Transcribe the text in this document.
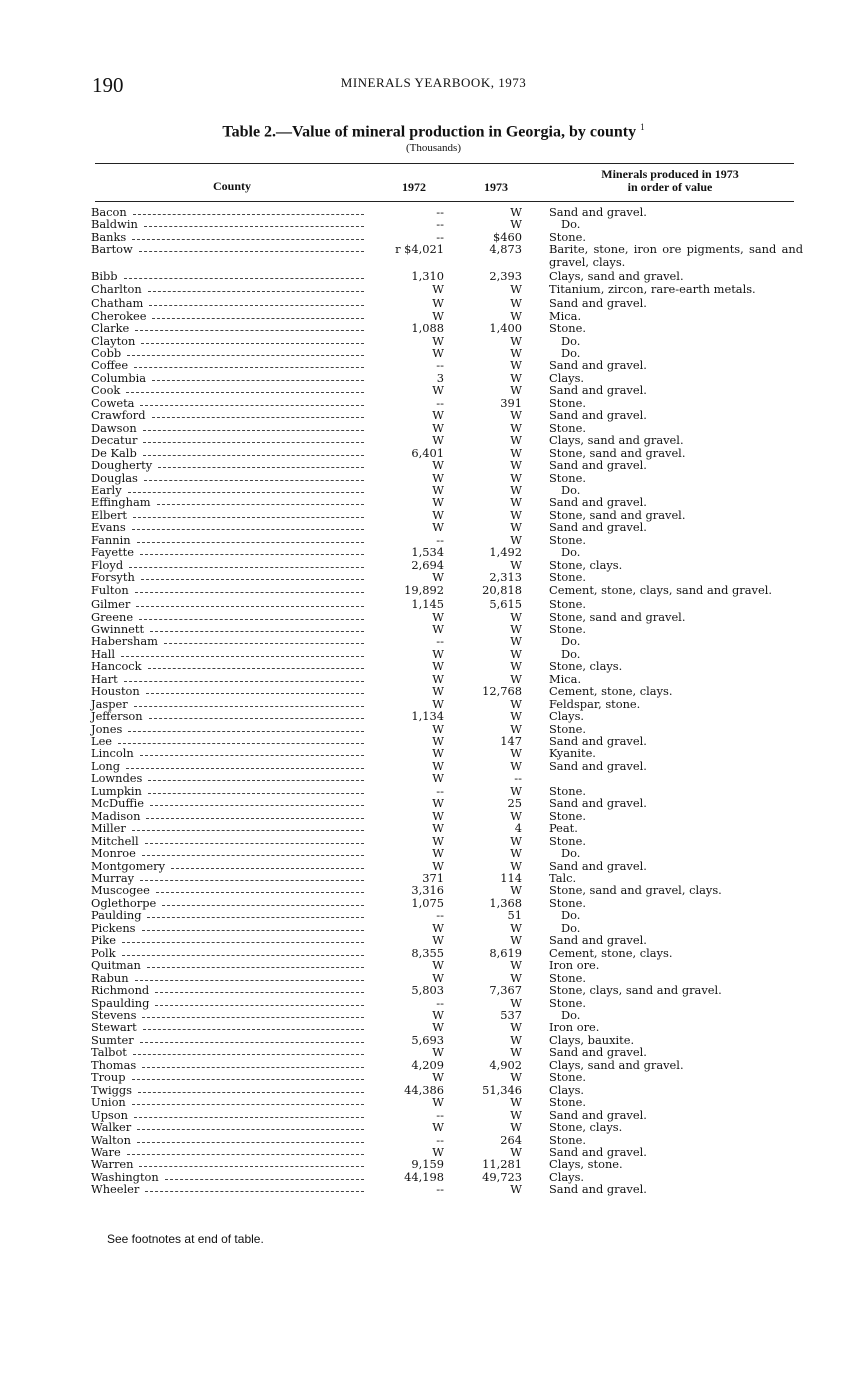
190	MINERALS YEARBOOK, 1973
Table 2.—Value of mineral production in Georgia, by county $^1$
(Thousands)
County	1972	1973
Minerals produced in 1973
in order of value
Bacon	--	W	Sand and gravel.
Baldwin	--	W	Do.
Banks	--	$460	Stone.
Bartow	r $4,021	4,873	Barite, stone, iron ore pigments, sand and gravel, clays.
Bibb	1,310	2,393	Clays, sand and gravel.
Charlton	W	W	Titanium, zircon, rare-earth metals.
Chatham	W	W	Sand and gravel.
Cherokee	W	W	Mica.
Clarke	1,088	1,400	Stone.
Clayton	W	W	Do.
Cobb	W	W	Do.
Coffee	--	W	Sand and gravel.
Columbia	3	W	Clays.
Cook	W	W	Sand and gravel.
Coweta	--	391	Stone.
Crawford	W	W	Sand and gravel.
Dawson	W	W	Stone.
Decatur	W	W	Clays, sand and gravel.
De Kalb	6,401	W	Stone, sand and gravel.
Dougherty	W	W	Sand and gravel.
Douglas	W	W	Stone.
Early	W	W	Do.
Effingham	W	W	Sand and gravel.
Elbert	W	W	Stone, sand and gravel.
Evans	W	W	Sand and gravel.
Fannin	--	W	Stone.
Fayette	1,534	1,492	Do.
Floyd	2,694	W	Stone, clays.
Forsyth	W	2,313	Stone.
Fulton	19,892	20,818	Cement, stone, clays, sand and gravel.
Gilmer	1,145	5,615	Stone.
Greene	W	W	Stone, sand and gravel.
Gwinnett	W	W	Stone.
Habersham	--	W	Do.
Hall	W	W	Do.
Hancock	W	W	Stone, clays.
Hart	W	W	Mica.
Houston	W	12,768	Cement, stone, clays.
Jasper	W	W	Feldspar, stone.
Jefferson	1,134	W	Clays.
Jones	W	W	Stone.
Lee	W	147	Sand and gravel.
Lincoln	W	W	Kyanite.
Long	W	W	Sand and gravel.
Lowndes	W	--
Lumpkin	--	W	Stone.
McDuffie	W	25	Sand and gravel.
Madison	W	W	Stone.
Miller	W	4	Peat.
Mitchell	W	W	Stone.
Monroe	W	W	Do.
Montgomery	W	W	Sand and gravel.
Murray	371	114	Talc.
Muscogee	3,316	W	Stone, sand and gravel, clays.
Oglethorpe	1,075	1,368	Stone.
Paulding	--	51	Do.
Pickens	W	W	Do.
Pike	W	W	Sand and gravel.
Polk	8,355	8,619	Cement, stone, clays.
Quitman	W	W	Iron ore.
Rabun	W	W	Stone.
Richmond	5,803	7,367	Stone, clays, sand and gravel.
Spaulding	--	W	Stone.
Stevens	W	537	Do.
Stewart	W	W	Iron ore.
Sumter	5,693	W	Clays, bauxite.
Talbot	W	W	Sand and gravel.
Thomas	4,209	4,902	Clays, sand and gravel.
Troup	W	W	Stone.
Twiggs	44,386	51,346	Clays.
Union	W	W	Stone.
Upson	--	W	Sand and gravel.
Walker	W	W	Stone, clays.
Walton	--	264	Stone.
Ware	W	W	Sand and gravel.
Warren	9,159	11,281	Clays, stone.
Washington	44,198	49,723	Clays.
Wheeler	--	W	Sand and gravel.
See footnotes at end of table.
